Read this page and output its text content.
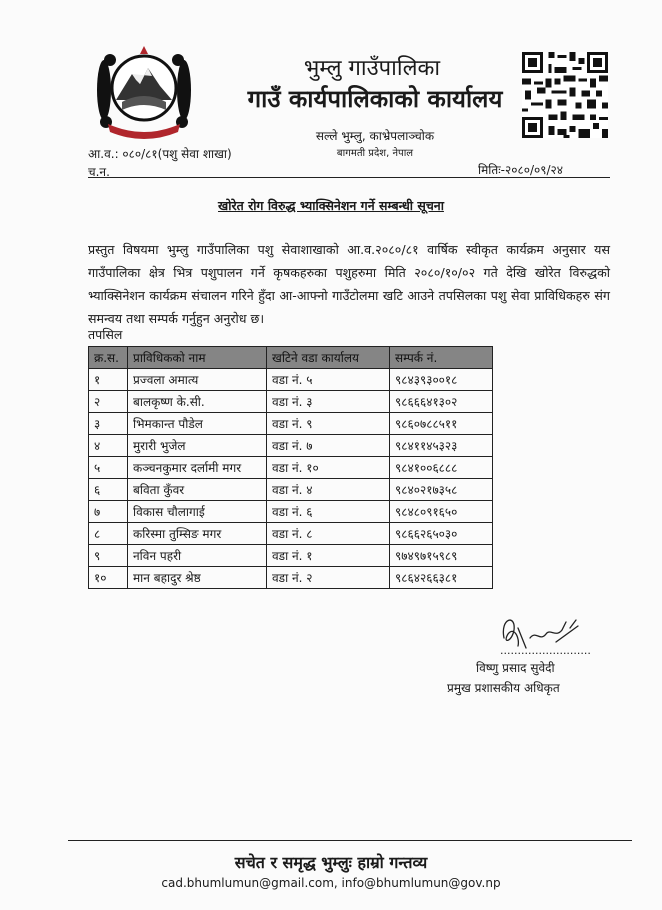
भुम्लु गाउँपालिका
गाउँ कार्यपालिकाको कार्यालय
सल्ले भुम्लु, काभ्रेपलाञ्चोक
बागमती प्रदेश, नेपाल
आ.व.: ०८०/८१(पशु सेवा शाखा)
च.न.	मितिः-२०८०/०९/२४
खोरेत रोग विरुद्ध भ्याक्सिनेशन गर्ने सम्बन्धी सूचना
प्रस्तुत विषयमा भुम्लु गाउँपालिका पशु सेवाशाखाको आ.व.२०८०/८१ वार्षिक स्वीकृत कार्यक्रम अनुसार यस गाउँपालिका क्षेत्र भित्र पशुपालन गर्ने कृषकहरुका पशुहरुमा मिति २०८०/१०/०२ गते देखि खोरेत विरुद्धको भ्याक्सिनेशन कार्यक्रम संचालन गरिने हुँदा आ-आफ्नो गाउँटोलमा खटि आउने तपसिलका पशु सेवा प्राविधिकहरु संग समन्वय तथा सम्पर्क गर्नुहुन अनुरोध छ।
तपसिल
क्र.स.	प्राविधिकको नाम	खटिने वडा कार्यालय	सम्पर्क नं.
१	प्रज्वला अमात्य	वडा नं. ५	९८४३९३००१८
२	बालकृष्ण के.सी.	वडा नं. ३	९८६६६४१३०२
३	भिमकान्त पौडेल	वडा नं. ९	९८६०७८८५११
४	मुरारी भुजेल	वडा नं. ७	९८४११४५३२३
५	कञ्चनकुमार दर्लामी मगर	वडा नं. १०	९८४१००६८८८
६	बविता कुँवर	वडा नं. ४	९८४०२१७३५८
७	विकास चौलागाई	वडा नं. ६	९८४८०९१६५०
८	करिस्मा तुम्सिङ मगर	वडा नं. ८	९८६६२६५०३०
९	नविन पहरी	वडा नं. १	९७४९७१५९८९
१०	मान बहादुर श्रेष्ठ	वडा नं. २	९८६४२६६३८१
..........................
विष्णु प्रसाद सुवेदी
प्रमुख प्रशासकीय अधिकृत
सचेत र समृद्ध भुम्लुः हाम्रो गन्तव्य
cad.bhumlumun@gmail.com, info@bhumlumun@gov.np
